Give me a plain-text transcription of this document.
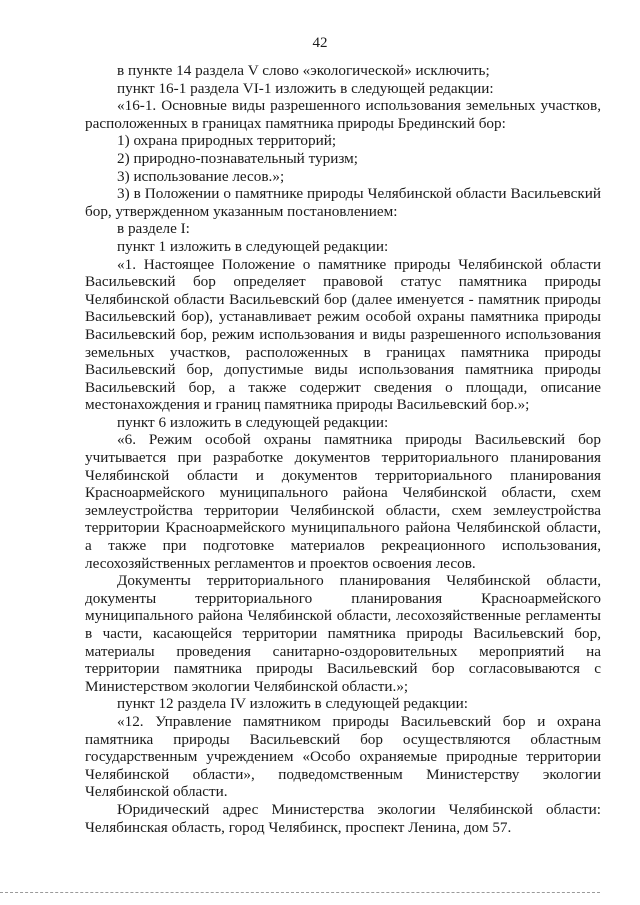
42

в пункте 14 раздела V слово «экологической» исключить;

пункт 16-1 раздела VI-1 изложить в следующей редакции:

«16-1. Основные виды разрешенного использования земельных участков, расположенных в границах памятника природы Брединский бор:

1) охрана природных территорий;

2) природно-познавательный туризм;

3) использование лесов.»;

3) в Положении о памятнике природы Челябинской области Васильевский бор, утвержденном указанным постановлением:

в разделе I:

пункт 1 изложить в следующей редакции:

«1. Настоящее Положение о памятнике природы Челябинской области Васильевский бор определяет правовой статус памятника природы Челябинской области Васильевский бор (далее именуется - памятник природы Васильевский бор), устанавливает режим особой охраны памятника природы Васильевский бор, режим использования и виды разрешенного использования земельных участков, расположенных в границах памятника природы Васильевский бор, допустимые виды использования памятника природы Васильевский бор, а также содержит сведения о площади, описание местонахождения и границ памятника природы Васильевский бор.»;

пункт 6 изложить в следующей редакции:

«6. Режим особой охраны памятника природы Васильевский бор учитывается при разработке документов территориального планирования Челябинской области и документов территориального планирования Красноармейского муниципального района Челябинской области, схем землеустройства территории Челябинской области, схем землеустройства территории Красноармейского муниципального района Челябинской области, а также при подготовке материалов рекреационного использования, лесохозяйственных регламентов и проектов освоения лесов.

Документы территориального планирования Челябинской области, документы территориального планирования Красноармейского муниципального района Челябинской области, лесохозяйственные регламенты в части, касающейся территории памятника природы Васильевский бор, материалы проведения санитарно-оздоровительных мероприятий на территории памятника природы Васильевский бор согласовываются с Министерством экологии Челябинской области.»;

пункт 12 раздела IV изложить в следующей редакции:

«12. Управление памятником природы Васильевский бор и охрана памятника природы Васильевский бор осуществляются областным государственным учреждением «Особо охраняемые природные территории Челябинской области», подведомственным Министерству экологии Челябинской области.

Юридический адрес Министерства экологии Челябинской области: Челябинская область, город Челябинск, проспект Ленина, дом 57.
